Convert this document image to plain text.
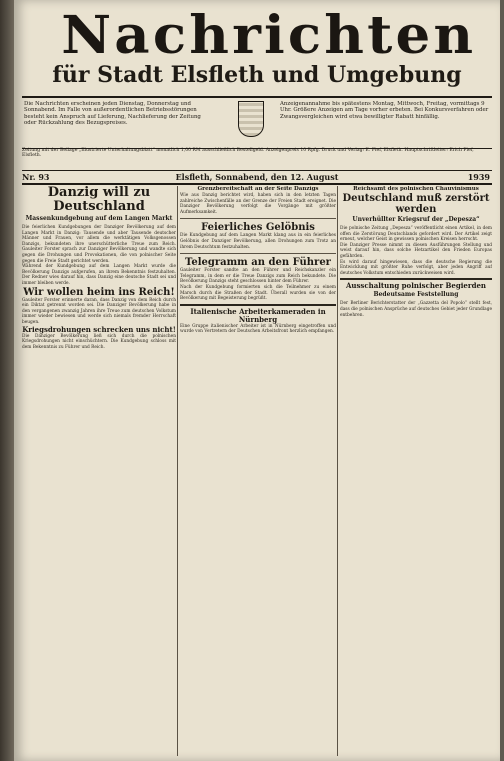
Nachrichten
für Stadt Elsfleth und Umgebung
Die Nachrichten erscheinen jeden Dienstag, Donnerstag und Sonnabend. Im Falle von außerordentlichen Betriebsstörungen besteht kein Anspruch auf Lieferung, Nachlieferung der Zeitung oder Rückzahlung des Bezugspreises.
Anzeigenannahme bis spätestens Montag, Mittwoch, Freitag, vormittags 9 Uhr. Größere Anzeigen am Tage vorher erbeten. Bei Konkursverfahren oder Zwangsvergleichen wird etwa bewilligter Rabatt hinfällig.
Zeitung mit der Beilage „Illustrierte Unterhaltungsblatt“ monatlich 1,00 RM ausschließlich Bestellgeld. Anzeigenpreis 10 Rpfg. Druck und Verlag: E. Fief, Elsfleth. Hauptschriftleiter: Erich Fief, Elsfleth.
Nr. 93	Elsfleth, Sonnabend, den 12. August	1939
Danzig will zu Deutschland
Massenkundgebung auf dem Langen Markt
Die feierlichen Kundgebungen der Danziger Bevölkerung auf dem Langen Markt in Danzig: Tausende und aber Tausende deutscher Männer und Frauen, vor allem die werktätigen Volksgenossen Danzigs, bekundeten ihre unerschütterliche Treue zum Reich. Gauleiter Forster sprach zur Danziger Bevölkerung und wandte sich gegen die Drohungen und Provokationen, die von polnischer Seite gegen die Freie Stadt gerichtet werden.
Während der Kundgebung auf dem Langen Markt wurde die Bevölkerung Danzigs aufgerufen, an ihrem Bekenntnis festzuhalten. Der Redner wies darauf hin, dass Danzig eine deutsche Stadt sei und immer bleiben werde.
Wir wollen heim ins Reich!
Gauleiter Forster erinnerte daran, dass Danzig von dem Reich durch ein Diktat getrennt worden sei. Die Danziger Bevölkerung habe in den vergangenen zwanzig Jahren ihre Treue zum deutschen Volkstum immer wieder bewiesen und werde sich niemals fremder Herrschaft beugen.
Kriegsdrohungen schrecken uns nicht!
Die Danziger Bevölkerung ließ sich durch die polnischen Kriegsdrohungen nicht einschüchtern. Die Kundgebung schloss mit dem Bekenntnis zu Führer und Reich.
Grenzbereitschaft an der Seite Danzigs
Wie aus Danzig berichtet wird, haben sich in den letzten Tagen zahlreiche Zwischenfälle an der Grenze der Freien Stadt ereignet. Die Danziger Bevölkerung verfolgt die Vorgänge mit größter Aufmerksamkeit.
Feierliches Gelöbnis
Die Kundgebung auf dem Langen Markt klang aus in ein feierliches Gelöbnis der Danziger Bevölkerung, allen Drohungen zum Trotz an ihrem Deutschtum festzuhalten.
Telegramm an den Führer
Gauleiter Forster sandte an den Führer und Reichskanzler ein Telegramm, in dem er die Treue Danzigs zum Reich bekundete. Die Bevölkerung Danzigs steht geschlossen hinter dem Führer.
Nach der Kundgebung formierten sich die Teilnehmer zu einem Marsch durch die Straßen der Stadt. Überall wurden sie von der Bevölkerung mit Begeisterung begrüßt.
Italienische Arbeiterkameraden in Nürnberg
Eine Gruppe italienischer Arbeiter ist in Nürnberg eingetroffen und wurde von Vertretern der Deutschen Arbeitsfront herzlich empfangen.
Reichsamt des polnischen Chauvinismus
Deutschland muß zerstört werden
Unverhüllter Kriegsruf der „Depesza“
Die polnische Zeitung „Depesza“ veröffentlicht einen Artikel, in dem offen die Zerstörung Deutschlands gefordert wird. Der Artikel zeigt erneut, welcher Geist in gewissen polnischen Kreisen herrscht.
Die Danziger Presse nimmt zu diesen Ausführungen Stellung und weist darauf hin, dass solche Hetzartikel den Frieden Europas gefährden.
Es wird darauf hingewiesen, dass die deutsche Regierung die Entwicklung mit größter Ruhe verfolgt, aber jeden Angriff auf deutsches Volkstum entschieden zurückweisen wird.
Ausschaltung polnischer Begierden
Bedeutsame Feststellung
Der Berliner Berichterstatter der „Gazzetta del Popolo“ stellt fest, dass die polnischen Ansprüche auf deutsches Gebiet jeder Grundlage entbehren.
